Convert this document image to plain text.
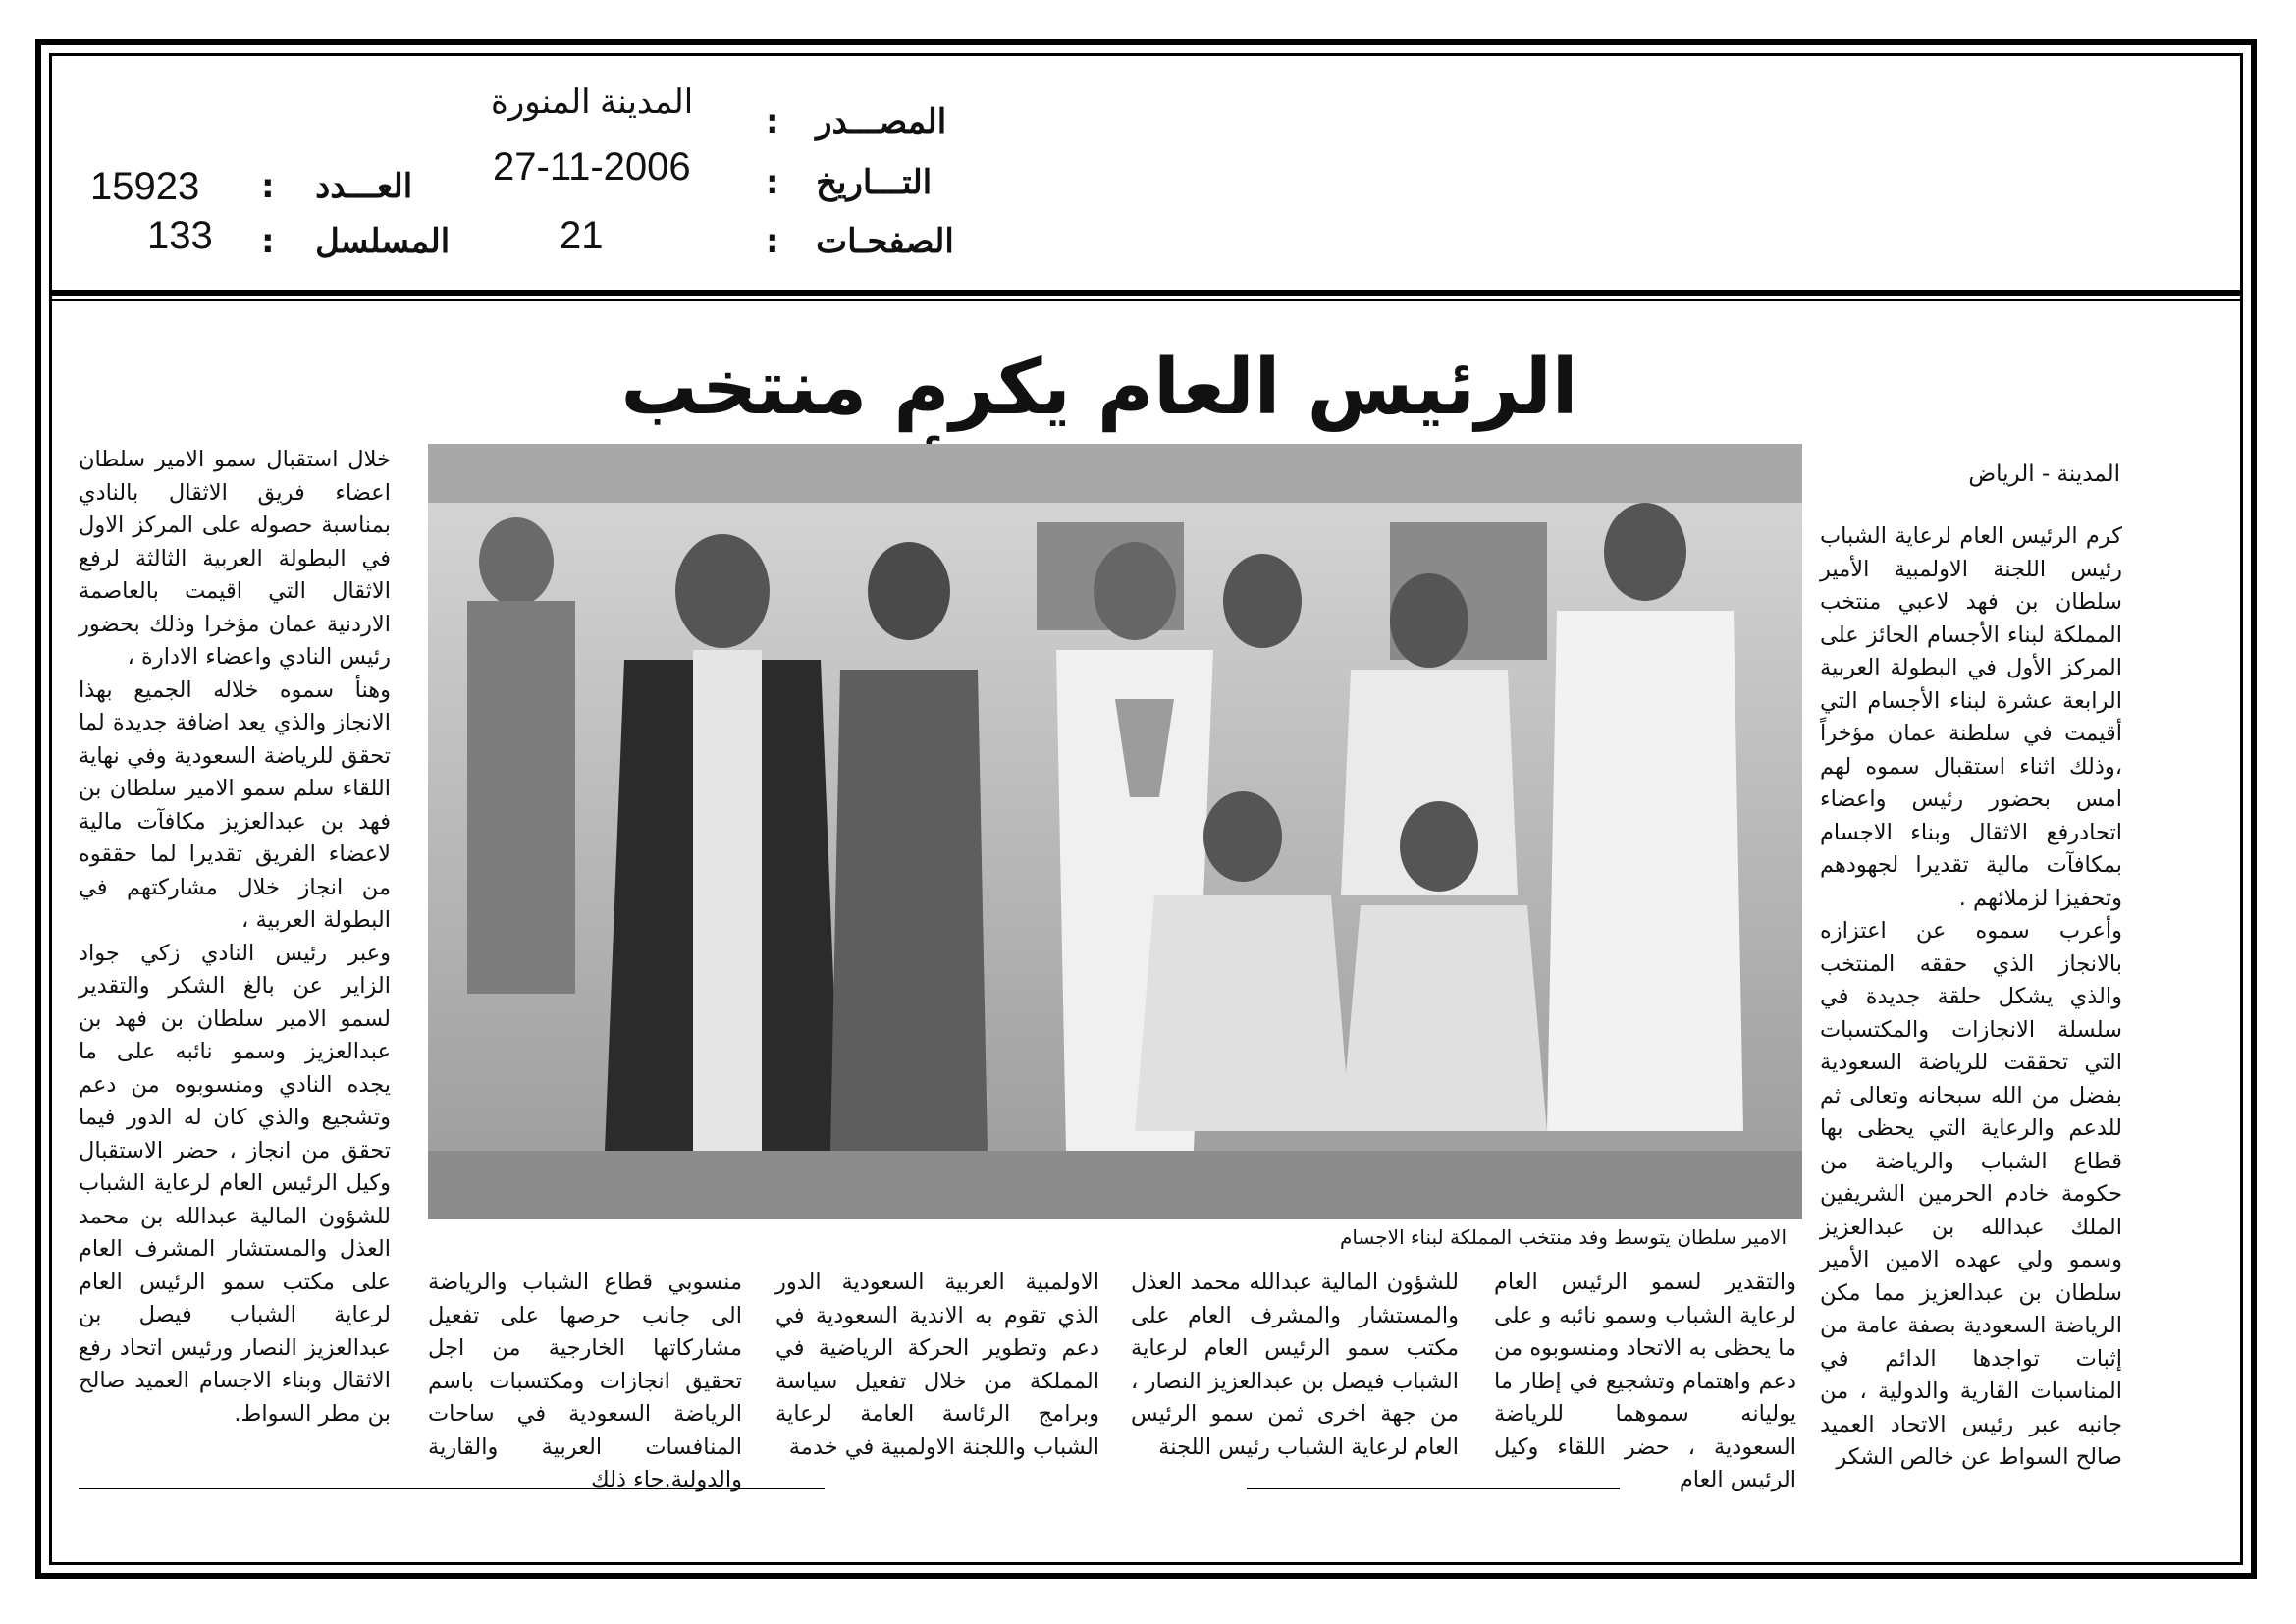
المدينة المنورة : المصـــدر
27-11-2006 : التـــاريخ
21	: الصفحـات
15923 : العـــدد
133 : المسلسل
الرئيس العام يكرم منتخب
المدينة - الرياض

كرم الرئيس العام لرعاية الشباب رئيس اللجنة الاولمبية الأمير سلطان بن فهد لاعبي منتخب المملكة لبناء الأجسام الحائز على المركز الأول في البطولة العربية الرابعة عشرة لبناء الأجسام التي أقيمت في سلطنة عمان مؤخراً ،وذلك اثناء استقبال سموه لهم امس بحضور رئيس واعضاء اتحادرفع الاثقال وبناء الاجسام بمكافآت مالية تقديرا لجهودهم وتحفيزا لزملائهم .

وأعرب سموه عن اعتزازه بالانجاز الذي حققه المنتخب والذي يشكل حلقة جديدة في سلسلة الانجازات والمكتسبات التي تحققت للرياضة السعودية بفضل من الله سبحانه وتعالى ثم للدعم والرعاية التي يحظى بها قطاع الشباب والرياضة من حكومة خادم الحرمين الشريفين الملك عبدالله بن عبدالعزيز وسمو ولي عهده الامين الأمير سلطان بن عبدالعزيز مما مكن الرياضة السعودية بصفة عامة من إثبات تواجدها الدائم في المناسبات القارية والدولية ، من جانبه عبر رئيس الاتحاد العميد صالح السواط عن خالص الشكر

الامير سلطان يتوسط وفد منتخب المملكة لبناء الاجسام

والتقدير لسمو الرئيس العام لرعاية الشباب وسمو نائبه و على ما يحظى به الاتحاد ومنسوبوه من دعم واهتمام وتشجيع في إطار ما يوليانه سموهما للرياضة السعودية ، حضر اللقاء وكيل الرئيس العام

للشؤون المالية عبدالله محمد العذل والمستشار والمشرف العام على مكتب سمو الرئيس العام لرعاية الشباب فيصل بن عبدالعزيز النصار ، من جهة اخرى ثمن سمو الرئيس العام لرعاية الشباب رئيس اللجنة

الاولمبية العربية السعودية الدور الذي تقوم به الاندية السعودية في دعم وتطوير الحركة الرياضية في المملكة من خلال تفعيل سياسة وبرامج الرئاسة العامة لرعاية الشباب واللجنة الاولمبية في خدمة

منسوبي قطاع الشباب والرياضة الى جانب حرصها على تفعيل مشاركاتها الخارجية من اجل تحقيق انجازات ومكتسبات باسم الرياضة السعودية في ساحات المنافسات العربية والقارية والدولية.جاء ذلك

خلال استقبال سمو الامير سلطان اعضاء فريق الاثقال بالنادي بمناسبة حصوله على المركز الاول في البطولة العربية الثالثة لرفع الاثقال التي اقيمت بالعاصمة الاردنية عمان مؤخرا وذلك بحضور رئيس النادي واعضاء الادارة ،

وهنأ سموه خلاله الجميع بهذا الانجاز والذي يعد اضافة جديدة لما تحقق للرياضة السعودية وفي نهاية اللقاء سلم سمو الامير سلطان بن فهد بن عبدالعزيز مكافآت مالية لاعضاء الفريق تقديرا لما حققوه من انجاز خلال مشاركتهم في البطولة العربية ،

وعبر رئيس النادي زكي جواد الزاير عن بالغ الشكر والتقدير لسمو الامير سلطان بن فهد بن عبدالعزيز وسمو نائبه على ما يجده النادي ومنسوبوه من دعم وتشجيع والذي كان له الدور فيما تحقق من انجاز ، حضر الاستقبال وكيل الرئيس العام لرعاية الشباب للشؤون المالية عبدالله بن محمد العذل والمستشار المشرف العام على مكتب سمو الرئيس العام لرعاية الشباب فيصل بن عبدالعزيز النصار ورئيس اتحاد رفع الاثقال وبناء الاجسام العميد صالح بن مطر السواط.
